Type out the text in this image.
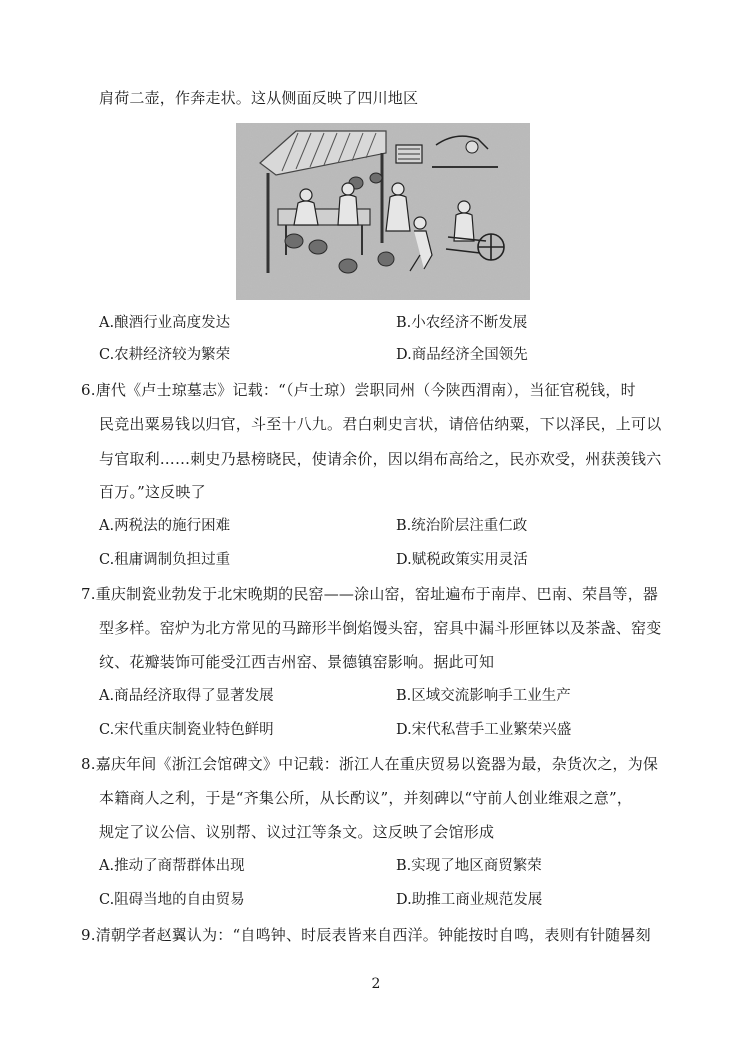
肩荷二壶，作奔走状。这从侧面反映了四川地区
A.酿酒行业高度发达	B.小农经济不断发展
C.农耕经济较为繁荣	D.商品经济全国领先
6.唐代《卢士琼墓志》记载：“（卢士琼）尝职同州（今陕西渭南），当征官税钱，时
民竞出粟易钱以归官，斗至十八九。君白刺史言状，请倍估纳粟，下以泽民，上可以
与官取利……刺史乃悬榜晓民，使请余价，因以绢布高给之，民亦欢受，州获羡钱六
百万。”这反映了
A.两税法的施行困难	B.统治阶层注重仁政
C.租庸调制负担过重	D.赋税政策实用灵活
7.重庆制瓷业勃发于北宋晚期的民窑——涂山窑，窑址遍布于南岸、巴南、荣昌等，器
型多样。窑炉为北方常见的马蹄形半倒焰馒头窑，窑具中漏斗形匣钵以及茶盏、窑变
纹、花瓣装饰可能受江西吉州窑、景德镇窑影响。据此可知
A.商品经济取得了显著发展	B.区域交流影响手工业生产
C.宋代重庆制瓷业特色鲜明	D.宋代私营手工业繁荣兴盛
8.嘉庆年间《浙江会馆碑文》中记载：浙江人在重庆贸易以瓷器为最，杂货次之，为保
本籍商人之利，于是“齐集公所，从长酌议”，并刻碑以“守前人创业维艰之意”，
规定了议公信、议别帮、议过江等条文。这反映了会馆形成
A.推动了商帮群体出现	B.实现了地区商贸繁荣
C.阻碍当地的自由贸易	D.助推工商业规范发展
9.清朝学者赵翼认为：“自鸣钟、时辰表皆来自西洋。钟能按时自鸣，表则有针随晷刻
2
